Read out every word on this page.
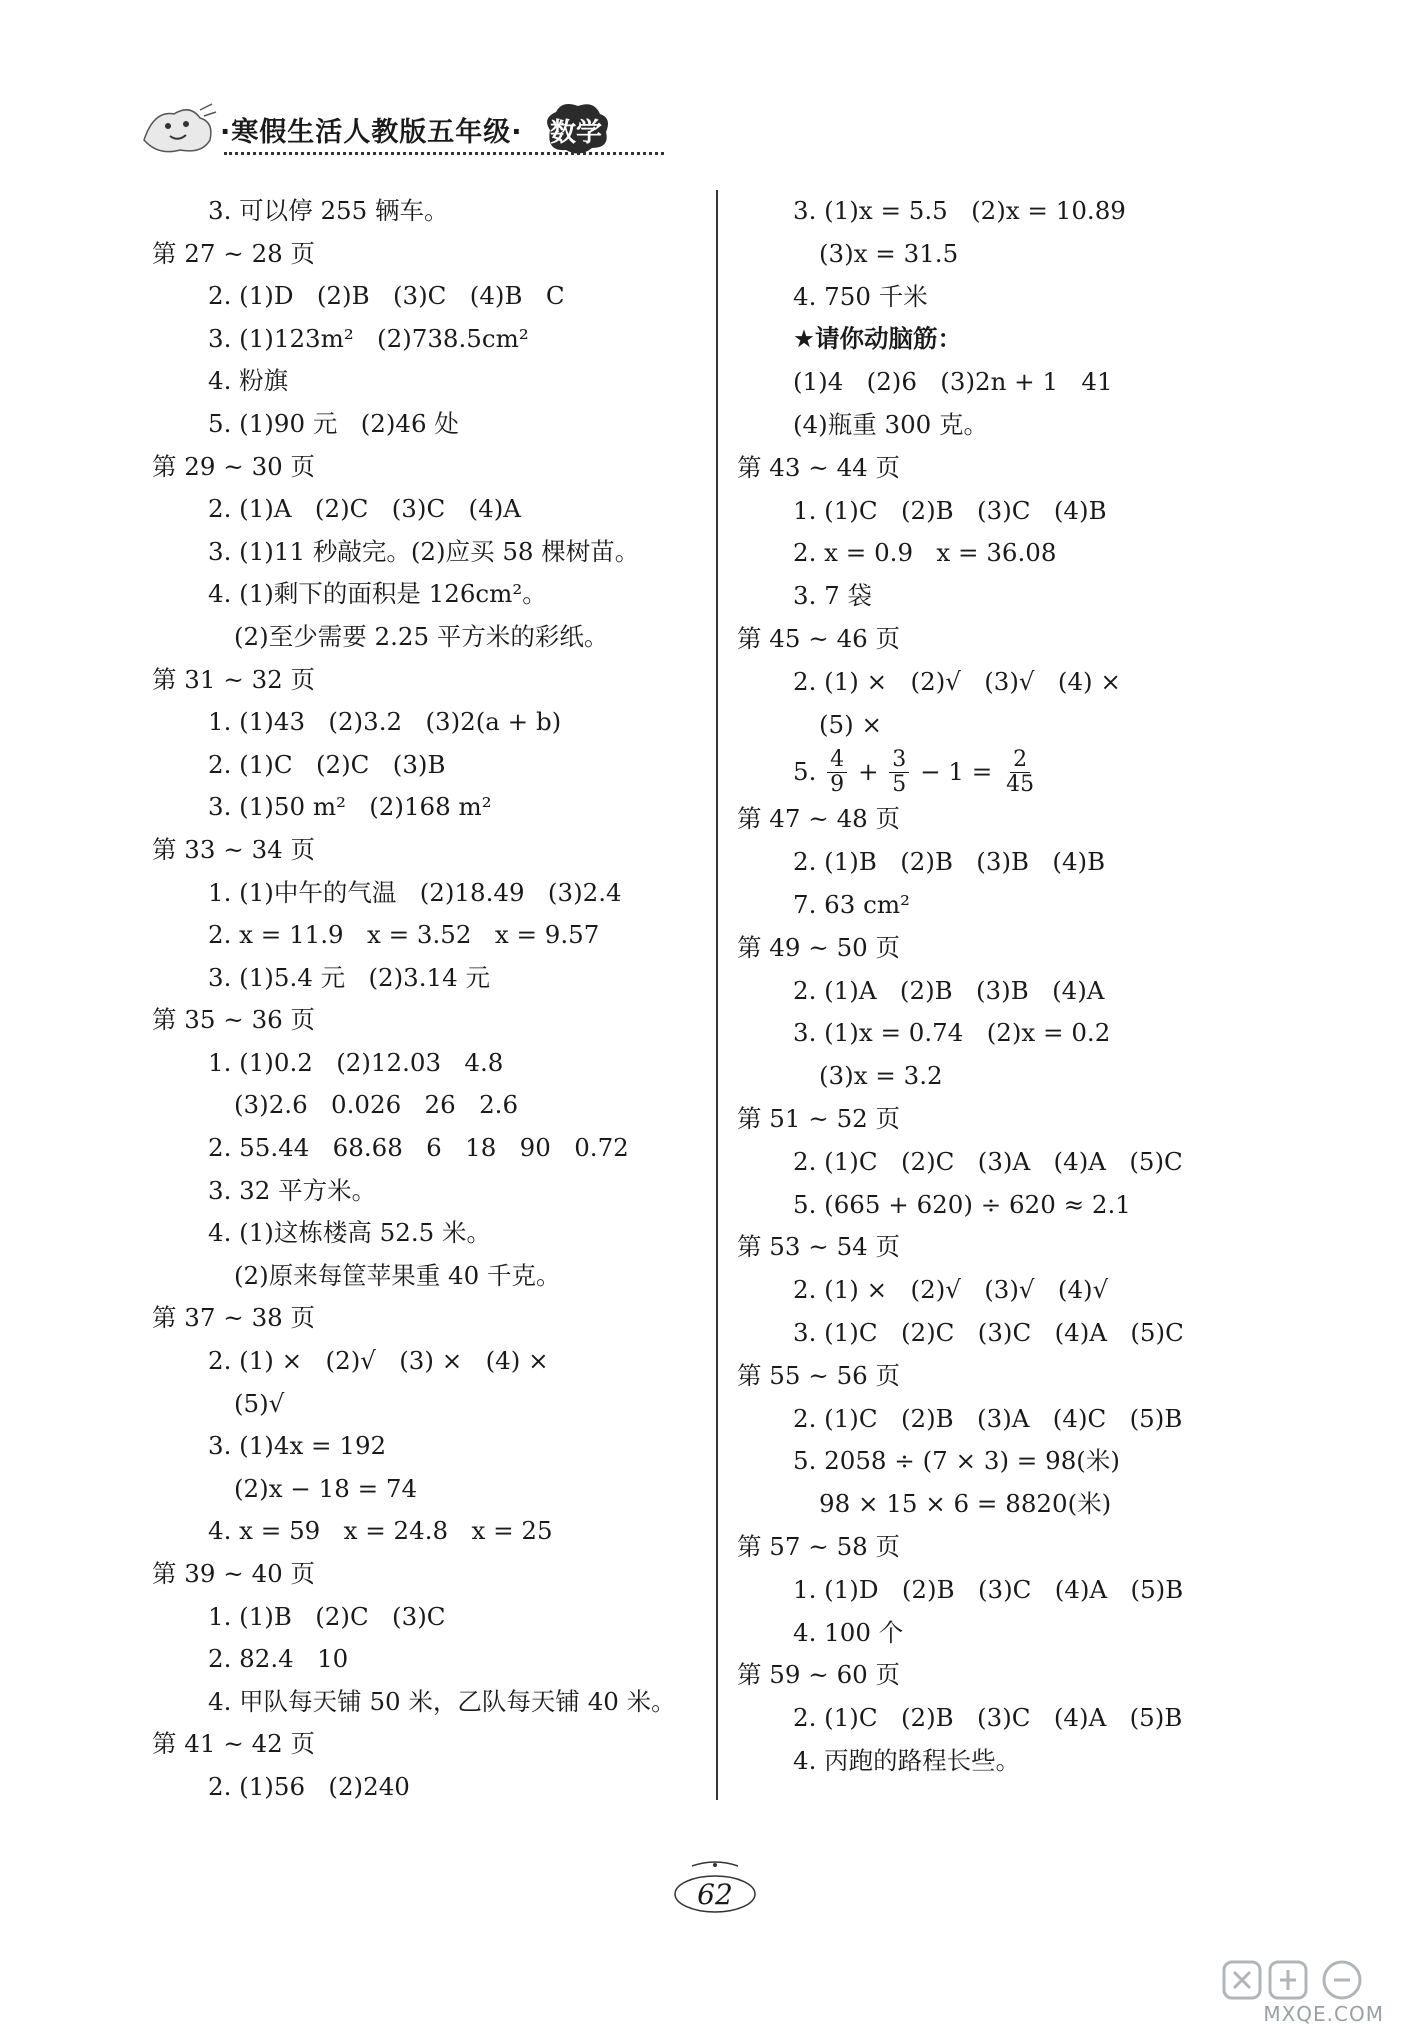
·寒假生活人教版五年级·	数学
3. 可以停 255 辆车。
第 27 ~ 28 页
2. (1)D   (2)B   (3)C   (4)B   C
3. (1)123m²   (2)738.5cm²
4. 粉旗
5. (1)90 元   (2)46 处
第 29 ~ 30 页
2. (1)A   (2)C   (3)C   (4)A
3. (1)11 秒敲完。(2)应买 58 棵树苗。
4. (1)剩下的面积是 126cm²。
(2)至少需要 2.25 平方米的彩纸。
第 31 ~ 32 页
1. (1)43   (2)3.2   (3)2(a + b)
2. (1)C   (2)C   (3)B
3. (1)50 m²   (2)168 m²
第 33 ~ 34 页
1. (1)中午的气温   (2)18.49   (3)2.4
2. x = 11.9   x = 3.52   x = 9.57
3. (1)5.4 元   (2)3.14 元
第 35 ~ 36 页
1. (1)0.2   (2)12.03   4.8
(3)2.6   0.026   26   2.6
2. 55.44   68.68   6   18   90   0.72
3. 32 平方米。
4. (1)这栋楼高 52.5 米。
(2)原来每筐苹果重 40 千克。
第 37 ~ 38 页
2. (1) ×   (2)√   (3) ×   (4) ×
(5)√
3. (1)4x = 192
(2)x − 18 = 74
4. x = 59   x = 24.8   x = 25
第 39 ~ 40 页
1. (1)B   (2)C   (3)C
2. 82.4   10
4. 甲队每天铺 50 米，乙队每天铺 40 米。
第 41 ~ 42 页
2. (1)56   (2)240
3. (1)x = 5.5   (2)x = 10.89
(3)x = 31.5
4. 750 千米
★请你动脑筋：
(1)4   (2)6   (3)2n + 1   41
(4)瓶重 300 克。
第 43 ~ 44 页
1. (1)C   (2)B   (3)C   (4)B
2. x = 0.9   x = 36.08
3. 7 袋
第 45 ~ 46 页
2. (1) ×   (2)√   (3)√   (4) ×
(5) ×
5. $\frac{4}{9} + \frac{3}{5} - 1 = \frac{2}{45}$
第 47 ~ 48 页
2. (1)B   (2)B   (3)B   (4)B
7. 63 cm²
第 49 ~ 50 页
2. (1)A   (2)B   (3)B   (4)A
3. (1)x = 0.74   (2)x = 0.2
(3)x = 3.2
第 51 ~ 52 页
2. (1)C   (2)C   (3)A   (4)A   (5)C
5. (665 + 620) ÷ 620 ≈ 2.1
第 53 ~ 54 页
2. (1) ×   (2)√   (3)√   (4)√
3. (1)C   (2)C   (3)C   (4)A   (5)C
第 55 ~ 56 页
2. (1)C   (2)B   (3)A   (4)C   (5)B
5. 2058 ÷ (7 × 3) = 98(米)
98 × 15 × 6 = 8820(米)
第 57 ~ 58 页
1. (1)D   (2)B   (3)C   (4)A   (5)B
4. 100 个
第 59 ~ 60 页
2. (1)C   (2)B   (3)C   (4)A   (5)B
4. 丙跑的路程长些。
62
MXQE.COM
